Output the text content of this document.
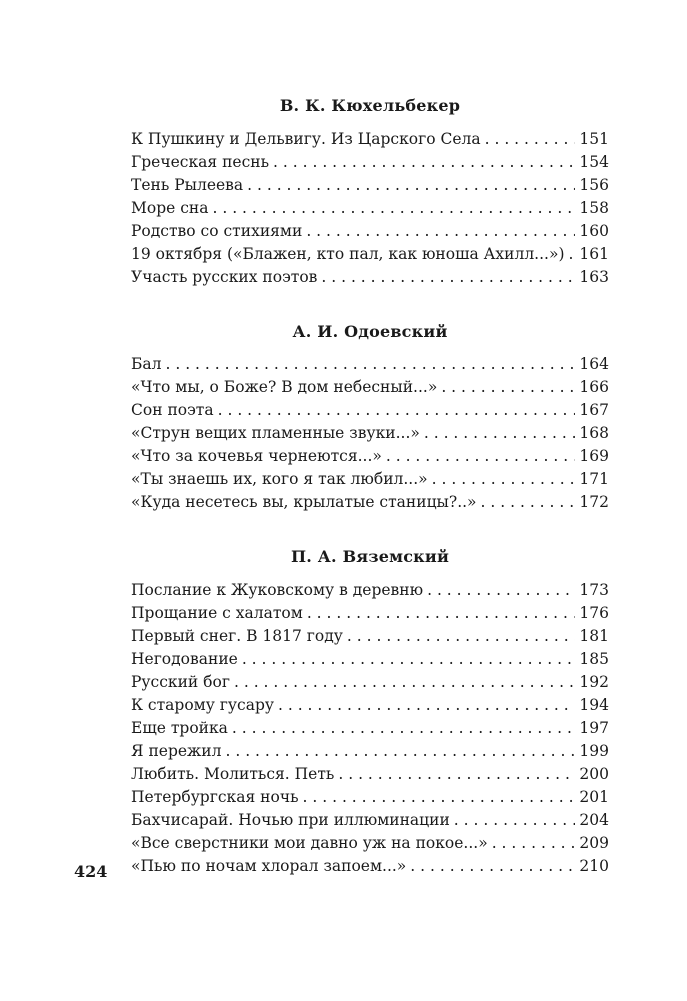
В. К. Кюхельбекер
К Пушкину и Дельвигу. Из Царского Села . . .	151
Греческая песнь . . .	154
Тень Рылеева . . .	156
Море сна . . .	158
Родство со стихиями . . .	160
19 октября («Блажен, кто пал, как юноша Ахилл...») . . . 161
Участь русских поэтов . . .	163
А. И. Одоевский
Бал . . .	164
«Что мы, о Боже? В дом небесный...» . . .	166
Сон поэта . . .	167
«Струн вещих пламенные звуки...» . . .	168
«Что за кочевья чернеются...» . . .	169
«Ты знаешь их, кого я так любил...» . . .	171
«Куда несетесь вы, крылатые станицы?..» . . .	172
П. А. Вяземский
Послание к Жуковскому в деревню . . .	173
Прощание с халатом . . .	176
Первый снег. В 1817 году . . .	181
Негодование . . .	185
Русский бог . . .	192
К старому гусару . . .	194
Еще тройка . . .	197
Я пережил . . .	199
Любить. Молиться. Петь . . .	200
Петербургская ночь . . .	201
Бахчисарай. Ночью при иллюминации . . .	204
«Все сверстники мои давно уж на покое...» . . .	209
«Пью по ночам хлорал запоем...» . . .	210
424
